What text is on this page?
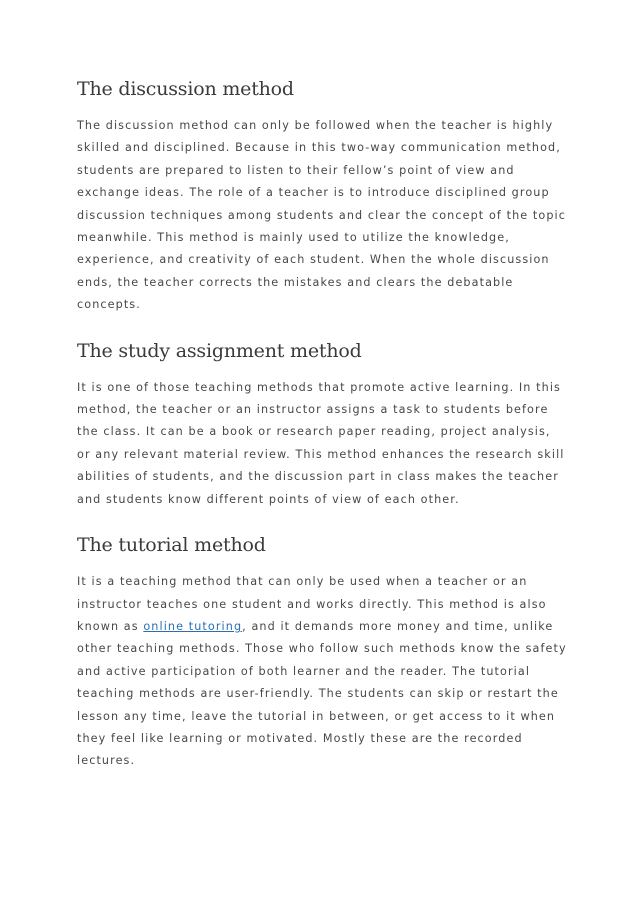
The discussion method

The discussion method can only be followed when the teacher is highly skilled and disciplined. Because in this two-way communication method, students are prepared to listen to their fellow’s point of view and exchange ideas. The role of a teacher is to introduce disciplined group discussion techniques among students and clear the concept of the topic meanwhile. This method is mainly used to utilize the knowledge, experience, and creativity of each student. When the whole discussion ends, the teacher corrects the mistakes and clears the debatable concepts.

The study assignment method

It is one of those teaching methods that promote active learning. In this method, the teacher or an instructor assigns a task to students before the class. It can be a book or research paper reading, project analysis, or any relevant material review. This method enhances the research skill abilities of students, and the discussion part in class makes the teacher and students know different points of view of each other.

The tutorial method

It is a teaching method that can only be used when a teacher or an instructor teaches one student and works directly. This method is also known as online tutoring, and it demands more money and time, unlike other teaching methods. Those who follow such methods know the safety and active participation of both learner and the reader. The tutorial teaching methods are user-friendly. The students can skip or restart the lesson any time, leave the tutorial in between, or get access to it when they feel like learning or motivated. Mostly these are the recorded lectures.
